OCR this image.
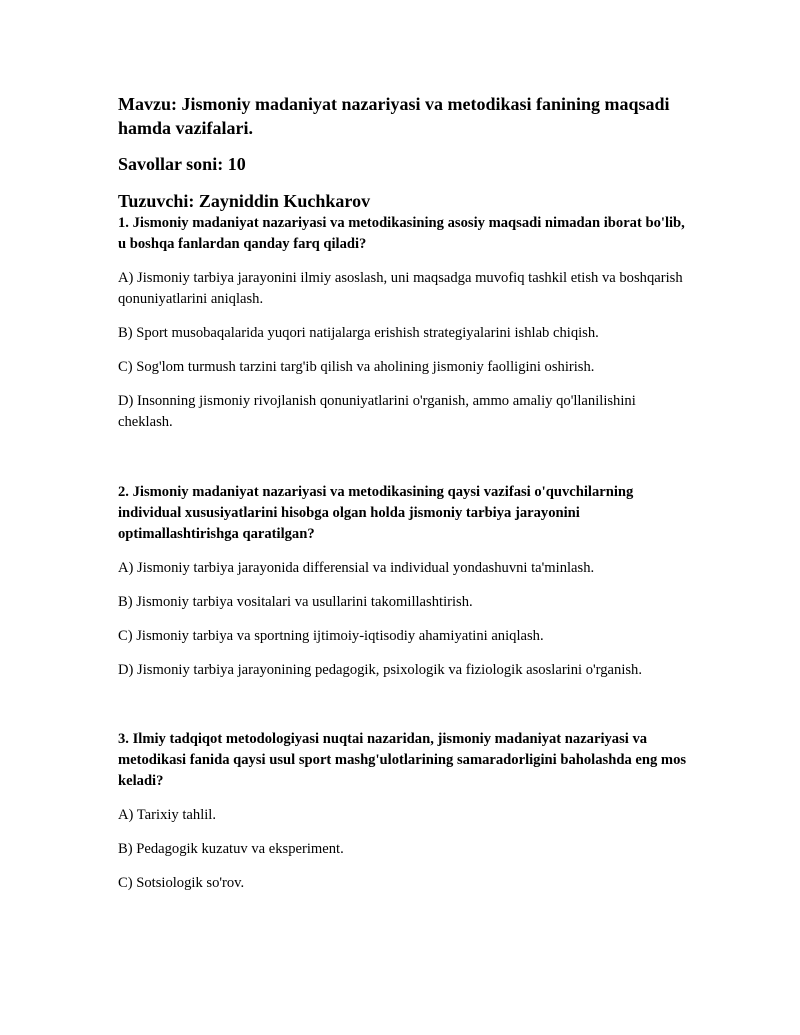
Mavzu: Jismoniy madaniyat nazariyasi va metodikasi fanining maqsadi hamda vazifalari.

Savollar soni: 10

Tuzuvchi: Zayniddin Kuchkarov

1. Jismoniy madaniyat nazariyasi va metodikasining asosiy maqsadi nimadan iborat bo'lib, u boshqa fanlardan qanday farq qiladi?

A) Jismoniy tarbiya jarayonini ilmiy asoslash, uni maqsadga muvofiq tashkil etish va boshqarish qonuniyatlarini aniqlash.

B) Sport musobaqalarida yuqori natijalarga erishish strategiyalarini ishlab chiqish.

C) Sog'lom turmush tarzini targ'ib qilish va aholining jismoniy faolligini oshirish.

D) Insonning jismoniy rivojlanish qonuniyatlarini o'rganish, ammo amaliy qo'llanilishini cheklash.

2. Jismoniy madaniyat nazariyasi va metodikasining qaysi vazifasi o'quvchilarning individual xususiyatlarini hisobga olgan holda jismoniy tarbiya jarayonini optimallashtirishga qaratilgan?

A) Jismoniy tarbiya jarayonida differensial va individual yondashuvni ta'minlash.

B) Jismoniy tarbiya vositalari va usullarini takomillashtirish.

C) Jismoniy tarbiya va sportning ijtimoiy-iqtisodiy ahamiyatini aniqlash.

D) Jismoniy tarbiya jarayonining pedagogik, psixologik va fiziologik asoslarini o'rganish.

3. Ilmiy tadqiqot metodologiyasi nuqtai nazaridan, jismoniy madaniyat nazariyasi va metodikasi fanida qaysi usul sport mashg'ulotlarining samaradorligini baholashda eng mos keladi?

A) Tarixiy tahlil.

B) Pedagogik kuzatuv va eksperiment.

C) Sotsiologik so'rov.
